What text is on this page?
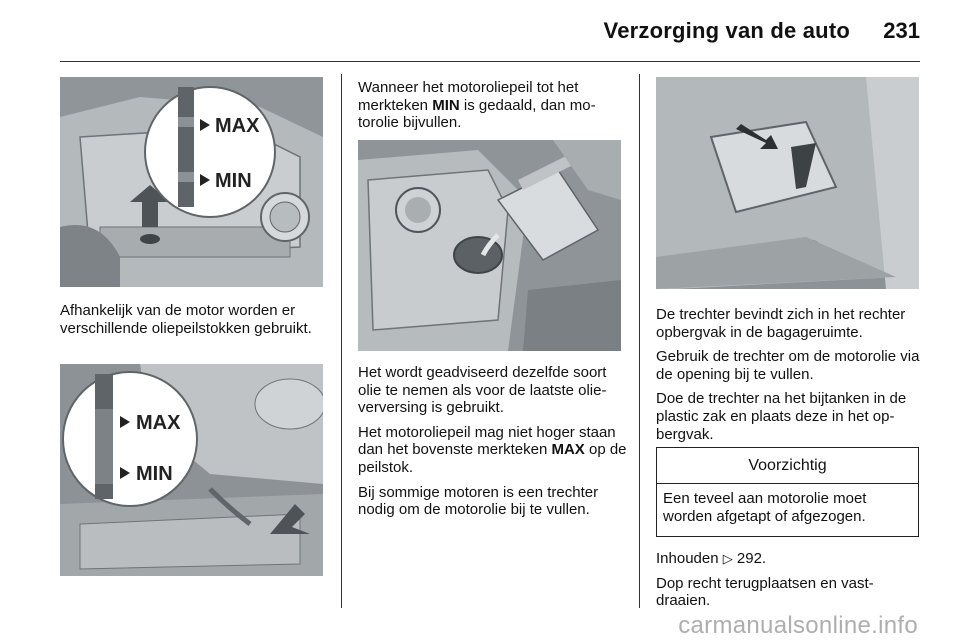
Verzorging van de auto 231
MAX
MIN

Afhankelijk van de motor worden er verschillende oliepeilstokken gebruikt.

MAX
MIN

Wanneer het motoroliepeil tot het merkteken MIN is gedaald, dan motorolie bijvullen.

Het wordt geadviseerd dezelfde soort olie te nemen als voor de laatste olieverversing is gebruikt.

Het motoroliepeil mag niet hoger staan dan het bovenste merkteken MAX op de peilstok.

Bij sommige motoren is een trechter nodig om de motorolie bij te vullen.

De trechter bevindt zich in het rechter opbergvak in de bagageruimte.

Gebruik de trechter om de motorolie via de opening bij te vullen.

Doe de trechter na het bijtanken in de plastic zak en plaats deze in het opbergvak.

Voorzichtig
Een teveel aan motorolie moet worden afgetapt of afgezogen.

Inhouden ▷ 292.

Dop recht terugplaatsen en vastdraaien.

carmanualsonline.info
